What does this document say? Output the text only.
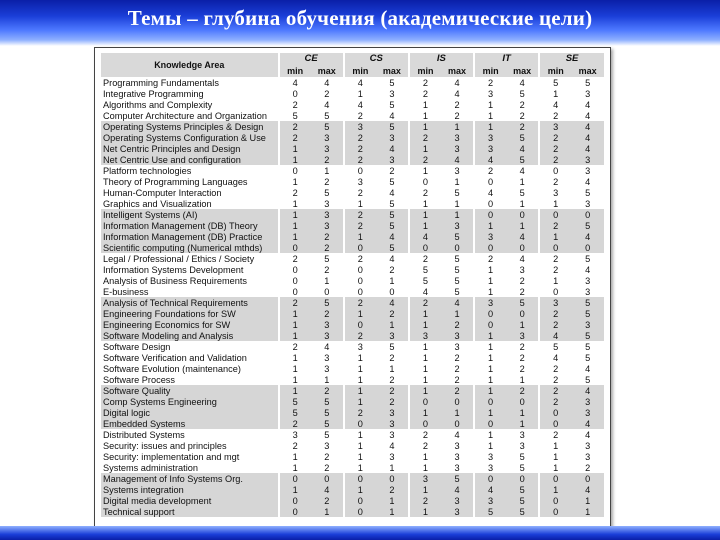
Темы – глубина обучения (академические цели)
Knowledge Area	CE		CS		IS		IT		SE	
	min	max	min	max	min	max	min	max	min	max
Programming Fundamentals	4	4	4	5	2	4	2	4	5	5
Integrative Programming	0	2	1	3	2	4	3	5	1	3
Algorithms and Complexity	2	4	4	5	1	2	1	2	4	4
Computer Architecture and Organization	5	5	2	4	1	2	1	2	2	4
Operating Systems Principles & Design	2	5	3	5	1	1	1	2	3	4
Operating Systems Configuration & Use	2	3	2	3	2	3	3	5	2	4
Net Centric Principles and Design	1	3	2	4	1	3	3	4	2	4
Net Centric Use and configuration	1	2	2	3	2	4	4	5	2	3
Platform technologies	0	1	0	2	1	3	2	4	0	3
Theory of Programming Languages	1	2	3	5	0	1	0	1	2	4
Human-Computer Interaction	2	5	2	4	2	5	4	5	3	5
Graphics and Visualization	1	3	1	5	1	1	0	1	1	3
Intelligent Systems (AI)	1	3	2	5	1	1	0	0	0	0
Information Management (DB) Theory	1	3	2	5	1	3	1	1	2	5
Information Management (DB) Practice	1	2	1	4	4	5	3	4	1	4
Scientific computing (Numerical mthds)	0	2	0	5	0	0	0	0	0	0
Legal / Professional / Ethics / Society	2	5	2	4	2	5	2	4	2	5
Information Systems Development	0	2	0	2	5	5	1	3	2	4
Analysis of Business Requirements	0	1	0	1	5	5	1	2	1	3
E-business	0	0	0	0	4	5	1	2	0	3
Analysis of Technical Requirements	2	5	2	4	2	4	3	5	3	5
Engineering Foundations for SW	1	2	1	2	1	1	0	0	2	5
Engineering Economics for SW	1	3	0	1	1	2	0	1	2	3
Software Modeling and Analysis	1	3	2	3	3	3	1	3	4	5
Software Design	2	4	3	5	1	3	1	2	5	5
Software Verification and Validation	1	3	1	2	1	2	1	2	4	5
Software Evolution (maintenance)	1	3	1	1	1	2	1	2	2	4
Software Process	1	1	1	2	1	2	1	1	2	5
Software Quality	1	2	1	2	1	2	1	2	2	4
Comp Systems Engineering	5	5	1	2	0	0	0	0	2	3
Digital logic	5	5	2	3	1	1	1	1	0	3
Embedded Systems	2	5	0	3	0	0	0	1	0	4
Distributed Systems	3	5	1	3	2	4	1	3	2	4
Security: issues and principles	2	3	1	4	2	3	1	3	1	3
Security: implementation and mgt	1	2	1	3	1	3	3	5	1	3
Systems administration	1	2	1	1	1	3	3	5	1	2
Management of Info Systems Org.	0	0	0	0	3	5	0	0	0	0
Systems integration	1	4	1	2	1	4	4	5	1	4
Digital media development	0	2	0	1	2	3	3	5	0	1
Technical support	0	1	0	1	1	3	5	5	0	1
